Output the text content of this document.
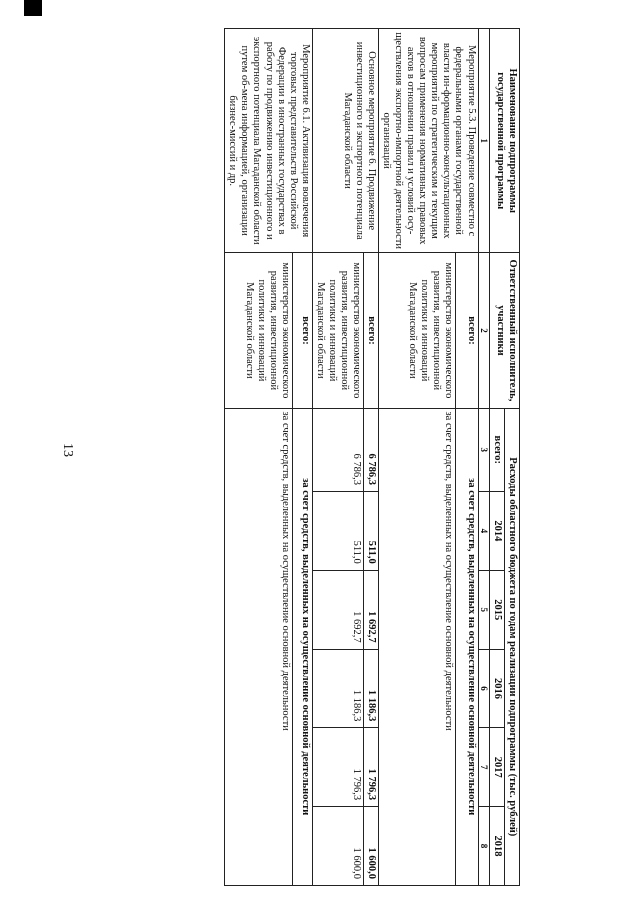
13
Наименование подпрограммы государственной программы	Ответственный исполнитель, участники	Расходы областного бюджета по годам реализации подпрограммы (тыс. рублей)					
		всего:	2014	2015	2016	2017	2018
1	2	3	4	5	6	7	8
Мероприятие 5.3. Проведение совместно с федеральными органами государственной власти ин-формационно-консультационных мероприятий по стратегическим и текущим вопросам применения нормативных правовых актов в отношении правил и условий осу-ществления экспортно-импортной деятельности организаций	всего:	за счет средств, выделенных на осуществление основной деятельности					
	министерство экономического развития, инвестиционной политики и инноваций Магаданской области	за счет средств, выделенных на осуществление основной деятельности					
Основное мероприятие 6. Продвижение инвестиционного и экспортного потенциала Магаданской области	всего:	6 786,3	511,0	1 692,7	1 186,3	1 796,3	1 600,0
	министерство экономического развития, инвестиционной политики и инноваций Магаданской области	6 786,3	511,0	1 692,7	1 186,3	1 796,3	1 600,0
Мероприятие 6.1. Активизация вовлечения торговых представительств Российской Федерации в иностранных государствах в работу по продвижению инвестиционного и экспортного потенциала Магаданской области путем об-мена информацией, организации бизнес-миссий и др.	всего:	за счет средств, выделенных на осуществление основной деятельности					
	министерство экономического развития, инвестиционной политики и инноваций Магаданской области	за счет средств, выделенных на осуществление основной деятельности					
